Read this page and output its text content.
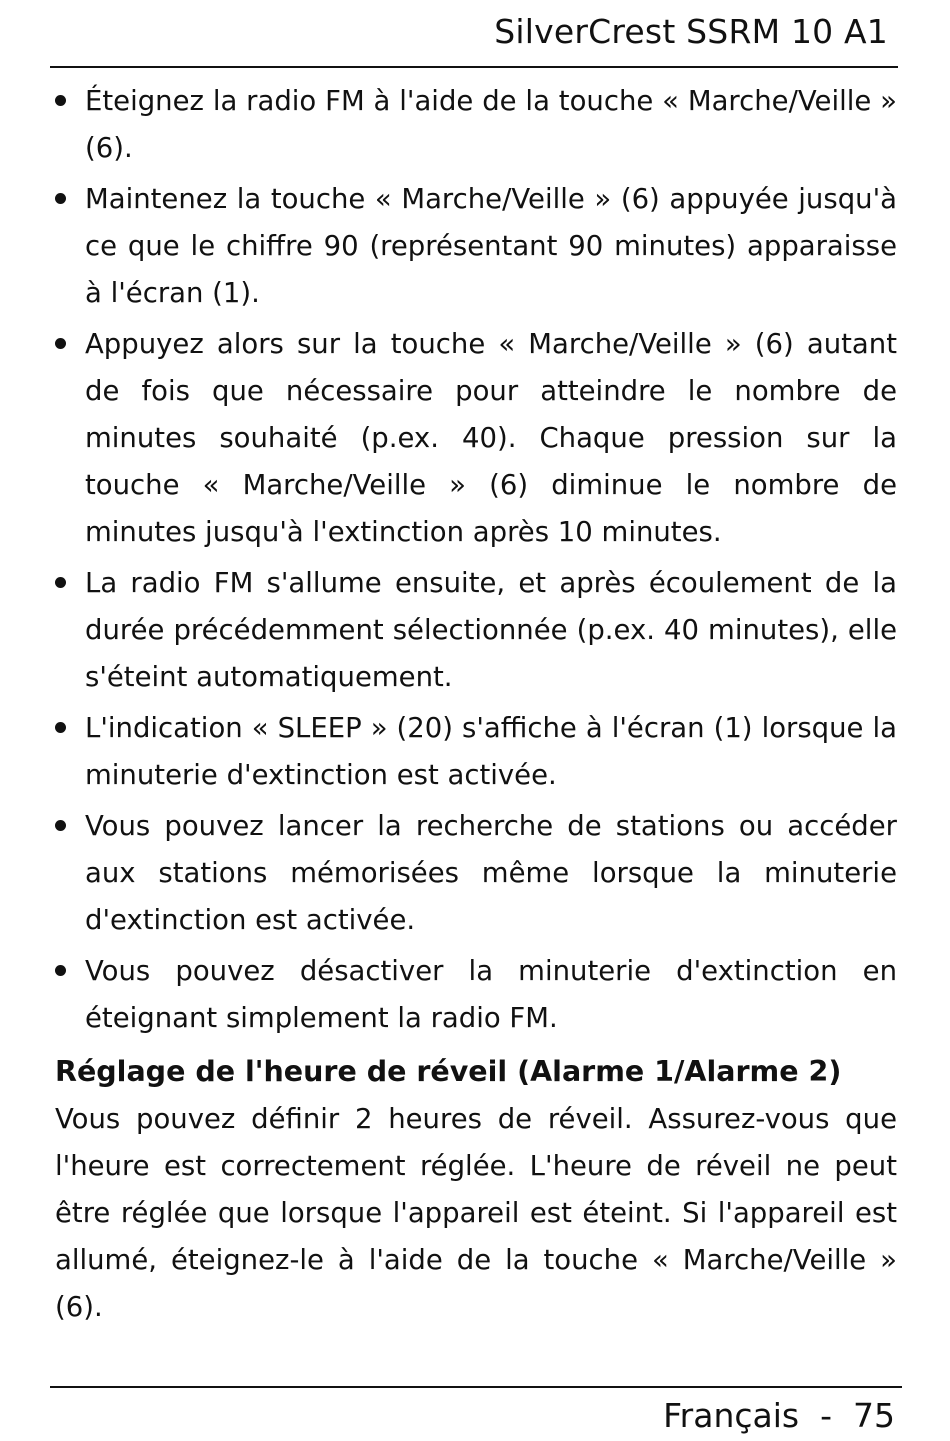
SilverCrest SSRM 10 A1
Éteignez la radio FM à l'aide de la touche « Marche/Veille » (6).
Maintenez la touche « Marche/Veille » (6) appuyée jusqu'à ce que le chiffre 90 (représentant 90 minutes) apparaisse à l'écran (1).
Appuyez alors sur la touche « Marche/Veille » (6) autant de fois que nécessaire pour atteindre le nombre de minutes souhaité (p.ex. 40). Chaque pression sur la touche « Marche/Veille » (6) diminue le nombre de minutes jusqu'à l'extinction après 10 minutes.
La radio FM s'allume ensuite, et après écoulement de la durée précédemment sélectionnée (p.ex. 40 minutes), elle s'éteint automatiquement.
L'indication « SLEEP » (20) s'affiche à l'écran (1) lorsque la minuterie d'extinction est activée.
Vous pouvez lancer la recherche de stations ou accéder aux stations mémorisées même lorsque la minuterie d'extinction est activée.
Vous pouvez désactiver la minuterie d'extinction en éteignant simplement la radio FM.
Réglage de l'heure de réveil (Alarme 1/Alarme 2)

Vous pouvez définir 2 heures de réveil. Assurez-vous que l'heure est correctement réglée. L'heure de réveil ne peut être réglée que lorsque l'appareil est éteint. Si l'appareil est allumé, éteignez-le à l'aide de la touche « Marche/Veille » (6).

Français - 75
